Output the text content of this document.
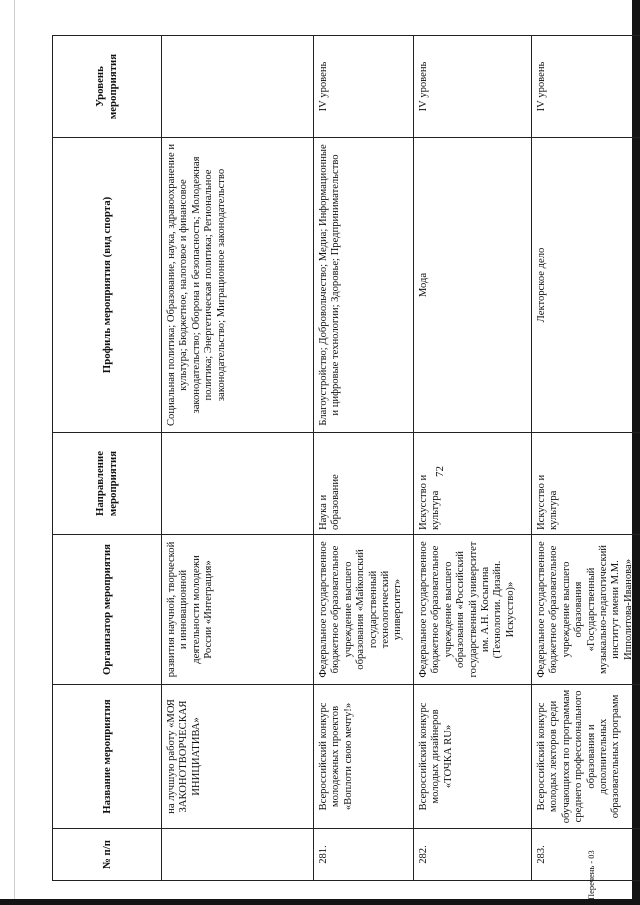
72
№ п/п	Название мероприятия	Организатор мероприятия	Направление мероприятия	Профиль мероприятия (вид спорта)	Уровень мероприятия
	на лучшую работу «МОЯ ЗАКОНОТВОРЧЕСКАЯ ИНИЦИАТИВА»	развития научной, творческой и инновационной деятельности молодежи России «Интеграция»		Социальная политика; Образование, наука, здравоохранение и культура; Бюджетное, налоговое и финансовое законодательство; Оборона и безопасность; Молодежная политика; Энергетическая политика; Региональное законодательство; Миграционное законодательство	
281.	Всероссийский конкурс молодежных проектов «Воплоти свою мечту!»	Федеральное государственное бюджетное образовательное учреждение высшего образования «Майкопский государственный технологический университет»	Наука и образование	Благоустройство; Добровольчество; Медиа; Информационные и цифровые технологии; Здоровье; Предпринимательство	IV уровень
282.	Всероссийский конкурс молодых дизайнеров «ТОЧКА RU»	Федеральное государственное бюджетное образовательное учреждение высшего образования «Российский государственный университет им. А.Н. Косыгина (Технологии. Дизайн. Искусство)»	Искусство и культура	Мода	IV уровень
283.	Всероссийский конкурс молодых лекторов среди обучающихся по программам среднего профессионального образования и дополнительных образовательных программ	Федеральное государственное бюджетное образовательное учреждение высшего образования «Государственный музыкально-педагогический институт имени М.М. Ипполитова-Иванова»	Искусство и культура	Лекторское дело	IV уровень
Перечень - 03
